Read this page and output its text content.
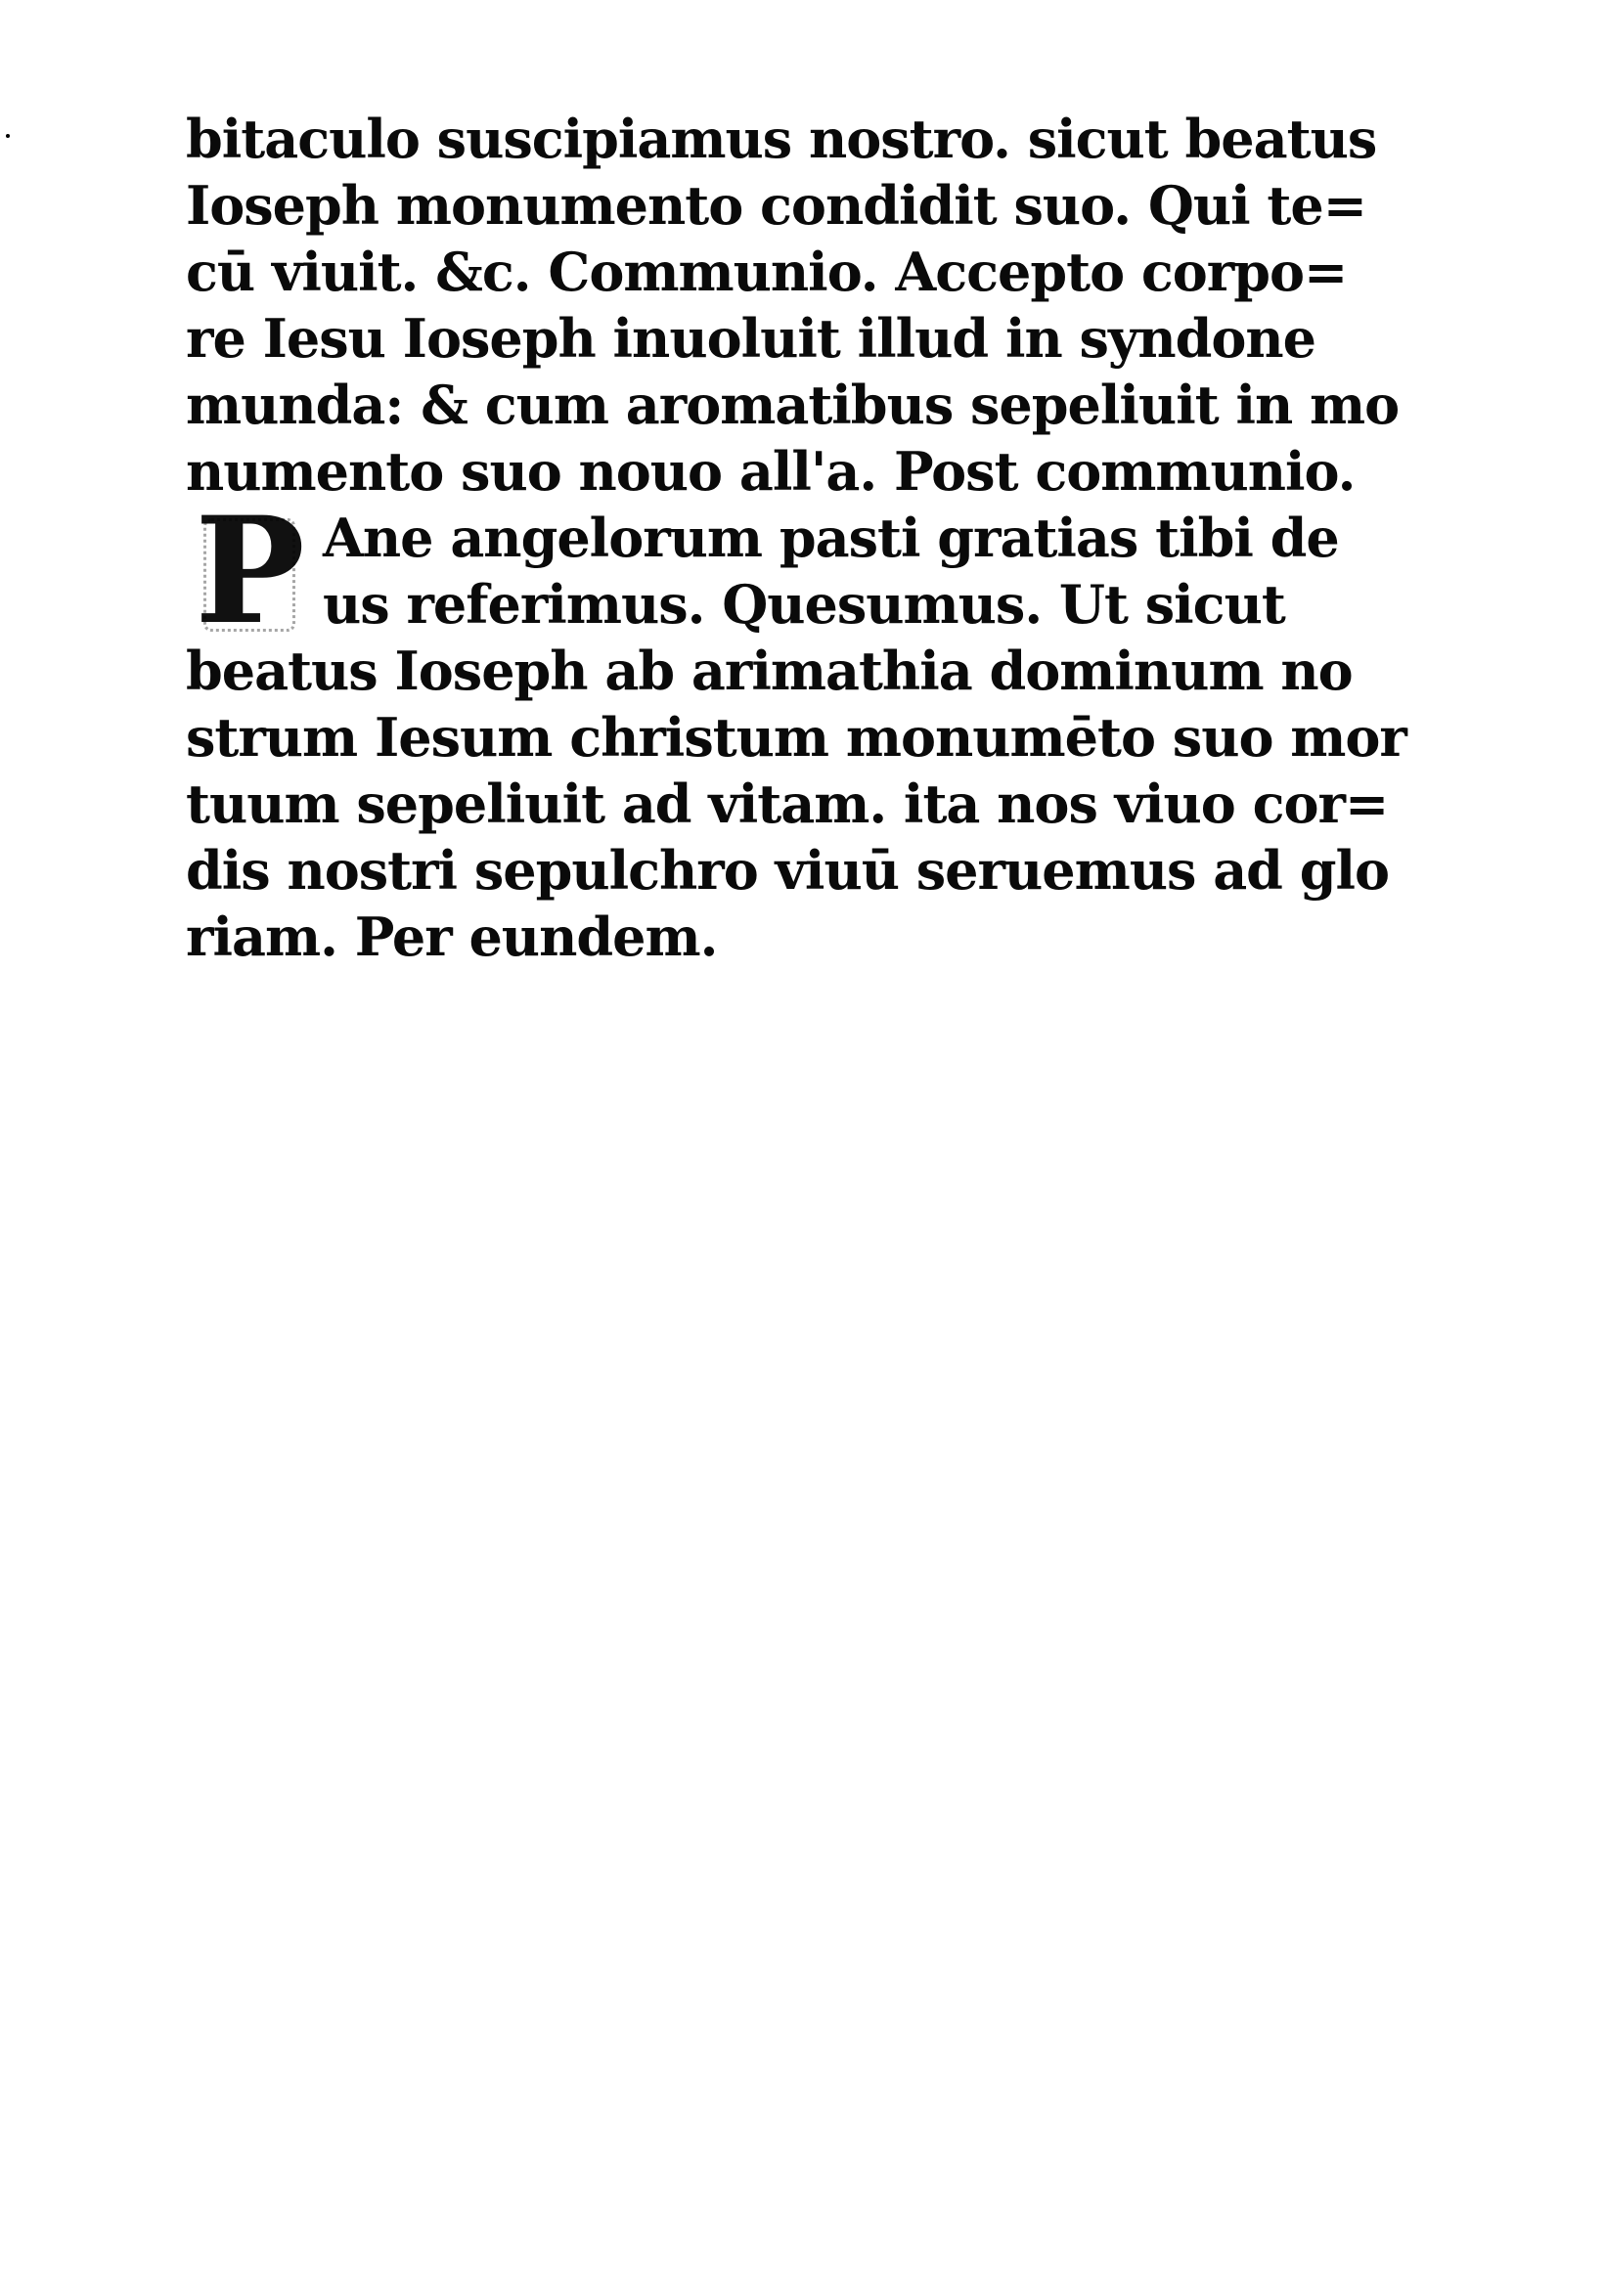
bitaculo suscipiamus nostro. sicut beatus
Ioseph monumento condidit suo. Qui te=
cū viuit. &c. Communio. Accepto corpo=
re Iesu Ioseph inuoluit illud in syndone
munda: & cum aromatibus sepeliuit in mo
numento suo nouo all'a. Post communio.
Ane angelorum pasti gratias tibi de
us referimus. Quesumus. Ut sicut
beatus Ioseph ab arimathia dominum no
strum Iesum christum monumēto suo mor
tuum sepeliuit ad vitam. ita nos viuo cor=
dis nostri sepulchro viuū seruemus ad glo
riam. Per eundem.
P
